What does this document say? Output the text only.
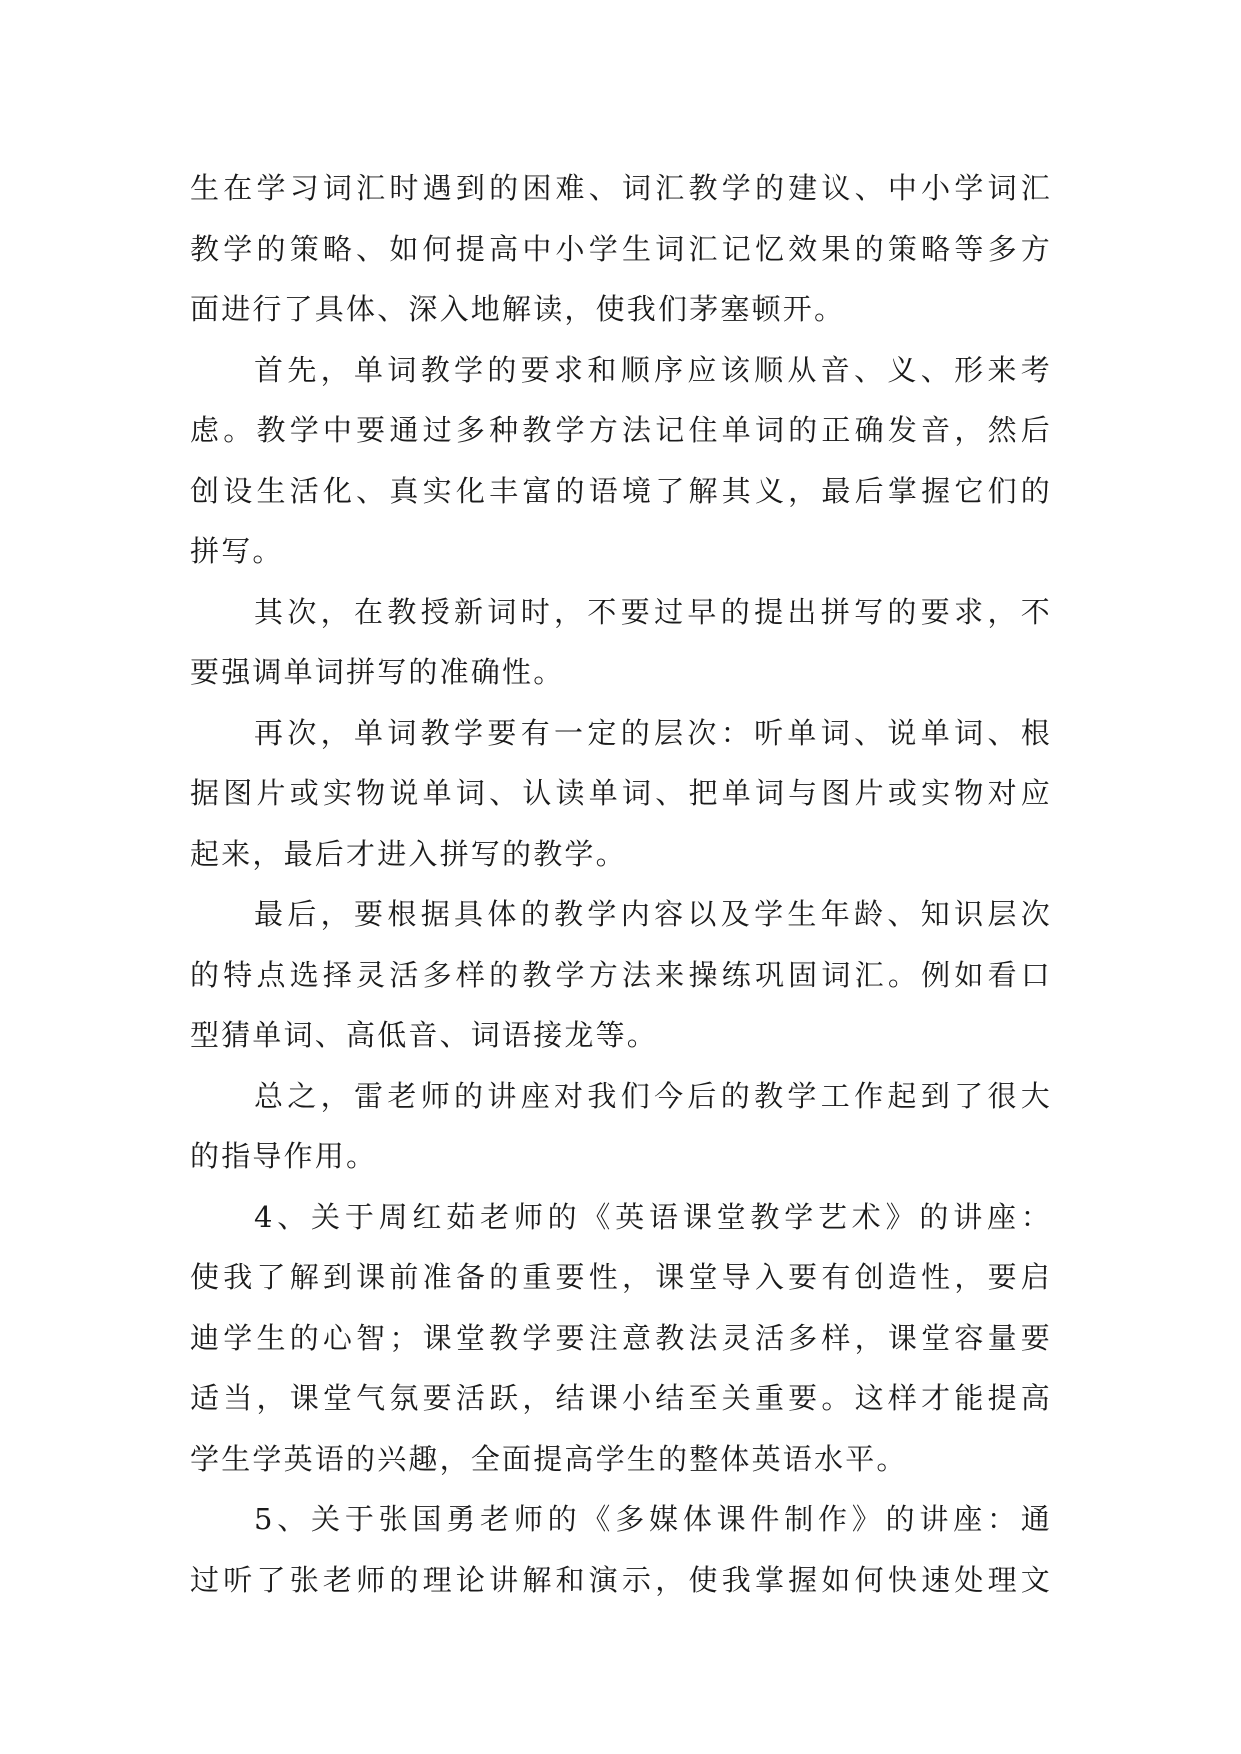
生在学习词汇时遇到的困难、词汇教学的建议、中小学词汇
教学的策略、如何提高中小学生词汇记忆效果的策略等多方
面进行了具体、深入地解读，使我们茅塞顿开。
首先，单词教学的要求和顺序应该顺从音、义、形来考
虑。教学中要通过多种教学方法记住单词的正确发音，然后
创设生活化、真实化丰富的语境了解其义，最后掌握它们的
拼写。
其次，在教授新词时，不要过早的提出拼写的要求，不
要强调单词拼写的准确性。
再次，单词教学要有一定的层次：听单词、说单词、根
据图片或实物说单词、认读单词、把单词与图片或实物对应
起来，最后才进入拼写的教学。
最后，要根据具体的教学内容以及学生年龄、知识层次
的特点选择灵活多样的教学方法来操练巩固词汇。例如看口
型猜单词、高低音、词语接龙等。
总之，雷老师的讲座对我们今后的教学工作起到了很大
的指导作用。
4、关于周红茹老师的《英语课堂教学艺术》的讲座：
使我了解到课前准备的重要性，课堂导入要有创造性，要启
迪学生的心智；课堂教学要注意教法灵活多样，课堂容量要
适当，课堂气氛要活跃，结课小结至关重要。这样才能提高
学生学英语的兴趣，全面提高学生的整体英语水平。
5、关于张国勇老师的《多媒体课件制作》的讲座：通
过听了张老师的理论讲解和演示，使我掌握如何快速处理文
